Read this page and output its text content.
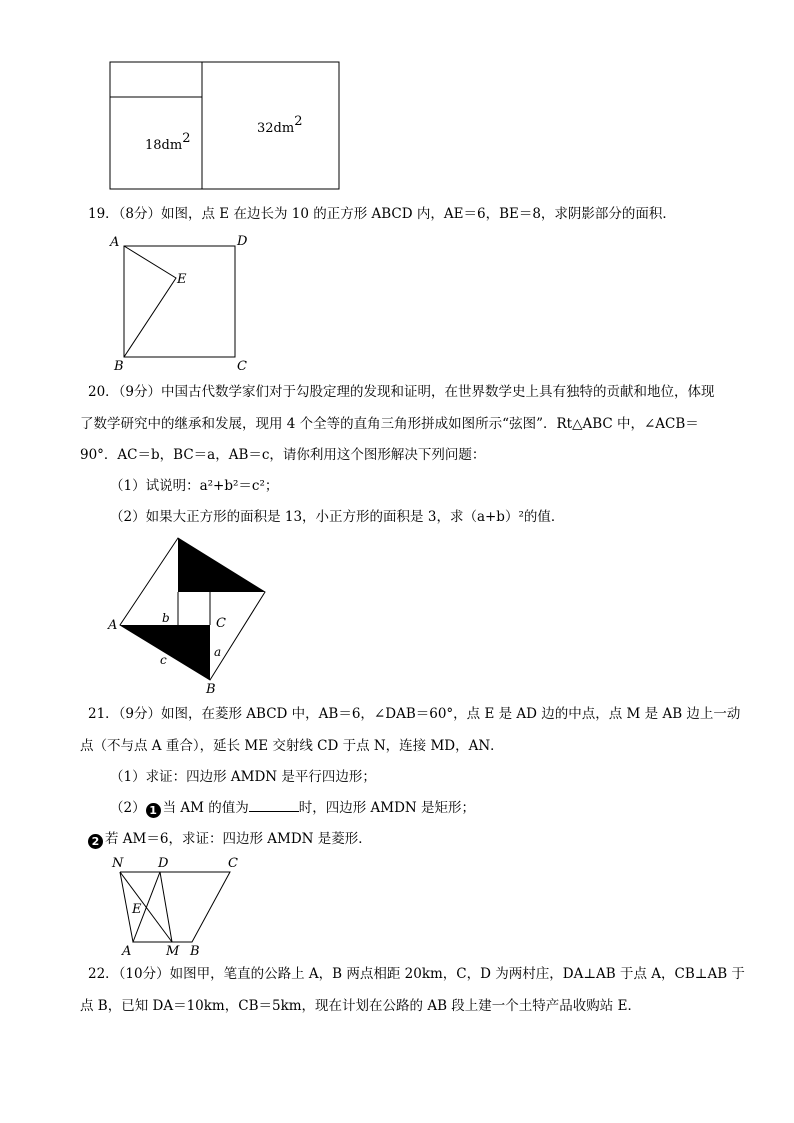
18dm2
32dm2
19．（8分）如图，点 E 在边长为 10 的正方形 ABCD 内，AE＝6，BE＝8，求阴影部分的面积．
A	D
E
B	C
20．（9分）中国古代数学家们对于勾股定理的发现和证明，在世界数学史上具有独特的贡献和地位，体现
了数学研究中的继承和发展，现用 4 个全等的直角三角形拼成如图所示“弦图”．Rt△ABC 中，∠ACB＝
90°．AC＝b，BC＝a，AB＝c，请你利用这个图形解决下列问题：
（1）试说明：a²+b²＝c²；
（2）如果大正方形的面积是 13，小正方形的面积是 3，求（a+b）²的值．
A	b	C
c
a
B
21．（9分）如图，在菱形 ABCD 中，AB＝6，∠DAB＝60°，点 E 是 AD 边的中点，点 M 是 AB 边上一动
点（不与点 A 重合），延长 ME 交射线 CD 于点 N，连接 MD，AN．
（1）求证：四边形 AMDN 是平行四边形；
（2） 1 当 AM 的值为	时，四边形 AMDN 是矩形；
2 若 AM＝6，求证：四边形 AMDN 是菱形．
N	D	C
E
A	M B
22．（10分）如图甲，笔直的公路上 A，B 两点相距 20km，C，D 为两村庄，DA⊥AB 于点 A，CB⊥AB 于
点 B，已知 DA＝10km，CB＝5km，现在计划在公路的 AB 段上建一个土特产品收购站 E．
